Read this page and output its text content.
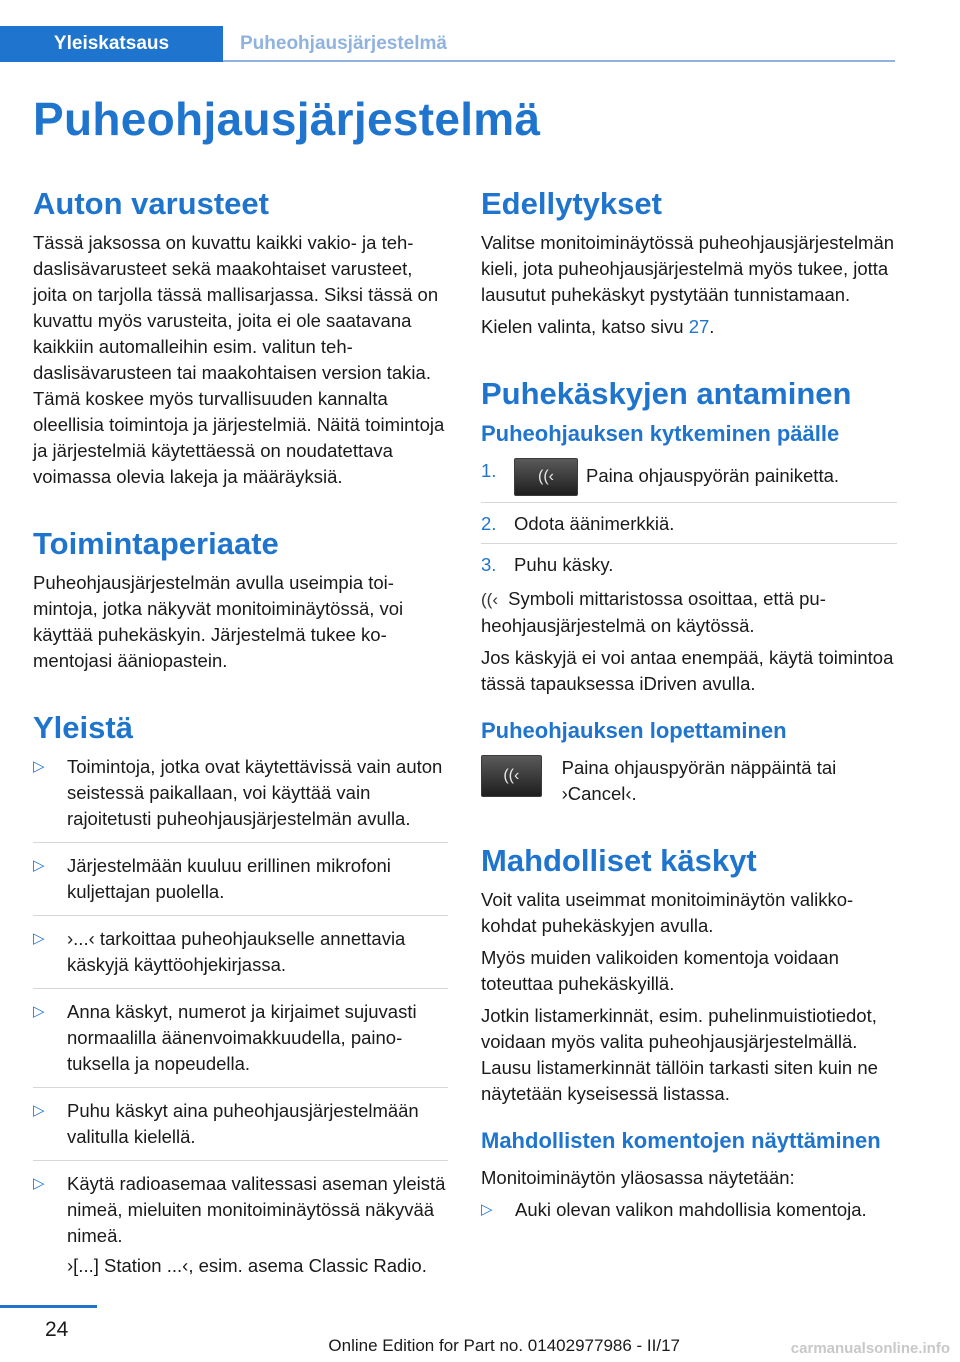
Yleiskatsaus	Puheohjausjärjestelmä
Puheohjausjärjestelmä
Auton varusteet

Tässä jaksossa on kuvattu kaikki vakio- ja tehdaslisävarusteet sekä maakohtaiset varusteet, joita on tarjolla tässä mallisarjassa. Siksi tässä on kuvattu myös varusteita, joita ei ole saatavana kaikkiin automalleihin esim. valitun tehdaslisävarusteen tai maakohtaisen version takia. Tämä koskee myös turvallisuuden kannalta oleellisia toimintoja ja järjestelmiä. Näitä toimintoja ja järjestelmiä käytettäessä on noudatettava voimassa olevia lakeja ja määräyksiä.

Toimintaperiaate

Puheohjausjärjestelmän avulla useimpia toimintoja, jotka näkyvät monitoiminäytössä, voi käyttää puhekäskyin. Järjestelmä tukee komentojasi ääniopastein.

Yleistä
▷ Toimintoja, jotka ovat käytettävissä vain auton seistessä paikallaan, voi käyttää vain rajoitetusti puheohjausjärjestelmän avulla.
▷ Järjestelmään kuuluu erillinen mikrofoni kuljettajan puolella.
▷ ›...‹ tarkoittaa puheohjaukselle annettavia käskyjä käyttöohjekirjassa.
▷ Anna käskyt, numerot ja kirjaimet sujuvasti normaalilla äänenvoimakkuudella, painotuksella ja nopeudella.
▷ Puhu käskyt aina puheohjausjärjestelmään valitulla kielellä.
▷ Käytä radioasemaa valitessasi aseman yleistä nimeä, mieluiten monitoiminäytössä näkyvää nimeä.
›[...] Station ...‹, esim. asema Classic Radio.
Edellytykset

Valitse monitoiminäytössä puheohjausjärjestelmän kieli, jota puheohjausjärjestelmä myös tukee, jotta lausutut puhekäskyt pystytään tunnistamaan.

Kielen valinta, katso sivu 27.

Puhekäskyjen antaminen
Puheohjauksen kytkeminen päälle
1.	((‹ Paina ohjauspyörän painiketta.
2. Odota äänimerkkiä.
3. Puhu käsky.

((‹ Symboli mittaristossa osoittaa, että puheohjausjärjestelmä on käytössä.

Jos käskyjä ei voi antaa enempää, käytä toimintoa tässä tapauksessa iDriven avulla.

Puheohjauksen lopettaminen
((‹	Paina ohjauspyörän näppäintä tai ›Cancel‹.

Mahdolliset käskyt

Voit valita useimmat monitoiminäytön valikkokohdat puhekäskyjen avulla.

Myös muiden valikoiden komentoja voidaan toteuttaa puhekäskyillä.

Jotkin listamerkinnät, esim. puhelinmuistiotiedot, voidaan myös valita puheohjausjärjestelmällä. Lausu listamerkinnät tällöin tarkasti siten kuin ne näytetään kyseisessä listassa.

Mahdollisten komentojen näyttäminen

Monitoiminäytön yläosassa näytetään:

▷ Auki olevan valikon mahdollisia komentoja.
24
Online Edition for Part no. 01402977986 - II/17	carmanualsonline.info
